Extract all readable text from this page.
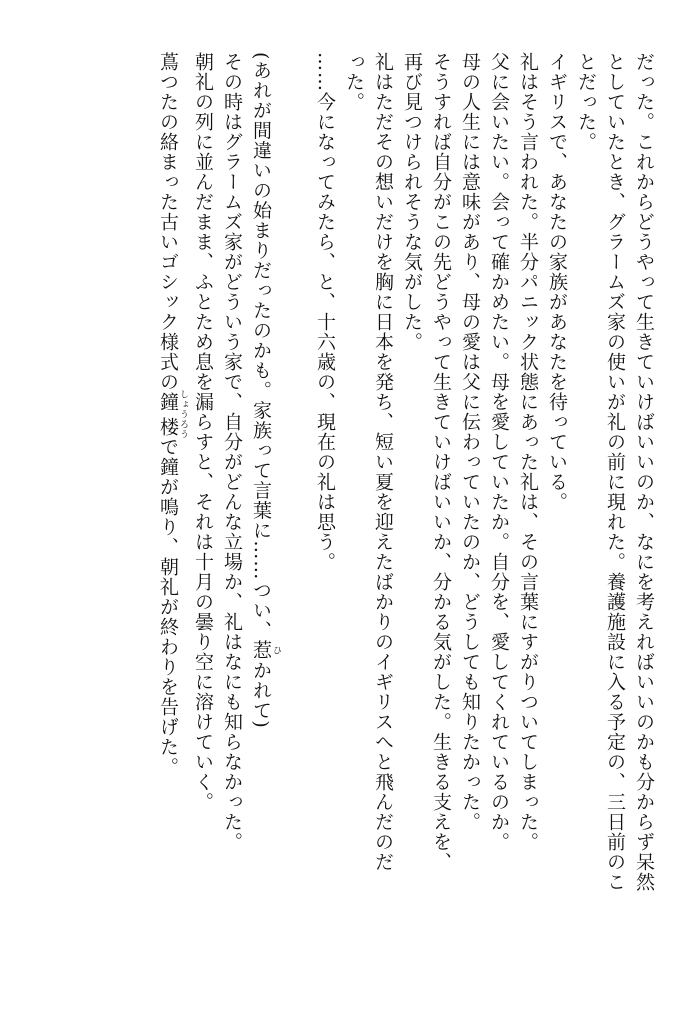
だった。これからどうやって生きていけばいいのか、なにを考えればいいのかも分からず呆然
としていたとき、グラームズ家の使いが礼の前に現れた。養護施設に入る予定の、三日前のこ
とだった。
イギリスで、あなたの家族があなたを待っている。
礼はそう言われた。半分パニック状態にあった礼は、その言葉にすがりついてしまった。
父に会いたい。会って確かめたい。母を愛していたか。自分を、愛してくれているのか。
母の人生には意味があり、母の愛は父に伝わっていたのか、どうしても知りたかった。
そうすれば自分がこの先どうやって生きていけばいいか、分かる気がした。生きる支えを、
再び見つけられそうな気がした。
礼はただその想いだけを胸に日本を発ち、短い夏を迎えたばかりのイギリスへと飛んだのだ
った。
……今になってみたら、と、十六歳の、現在の礼は思う。
(あれが間違いの始まりだったのかも。家族って言葉に……つい、惹 ひかれて)
その時はグラームズ家がどういう家で、自分がどんな立場か、礼はなにも知らなかった。
朝礼の列に並んだまま、ふとため息を漏らすと、それは十月の曇り空に溶けていく。
蔦つたの絡まった古いゴシック様式の鐘楼 しょうろうで鐘が鳴り、朝礼が終わりを告げた。
